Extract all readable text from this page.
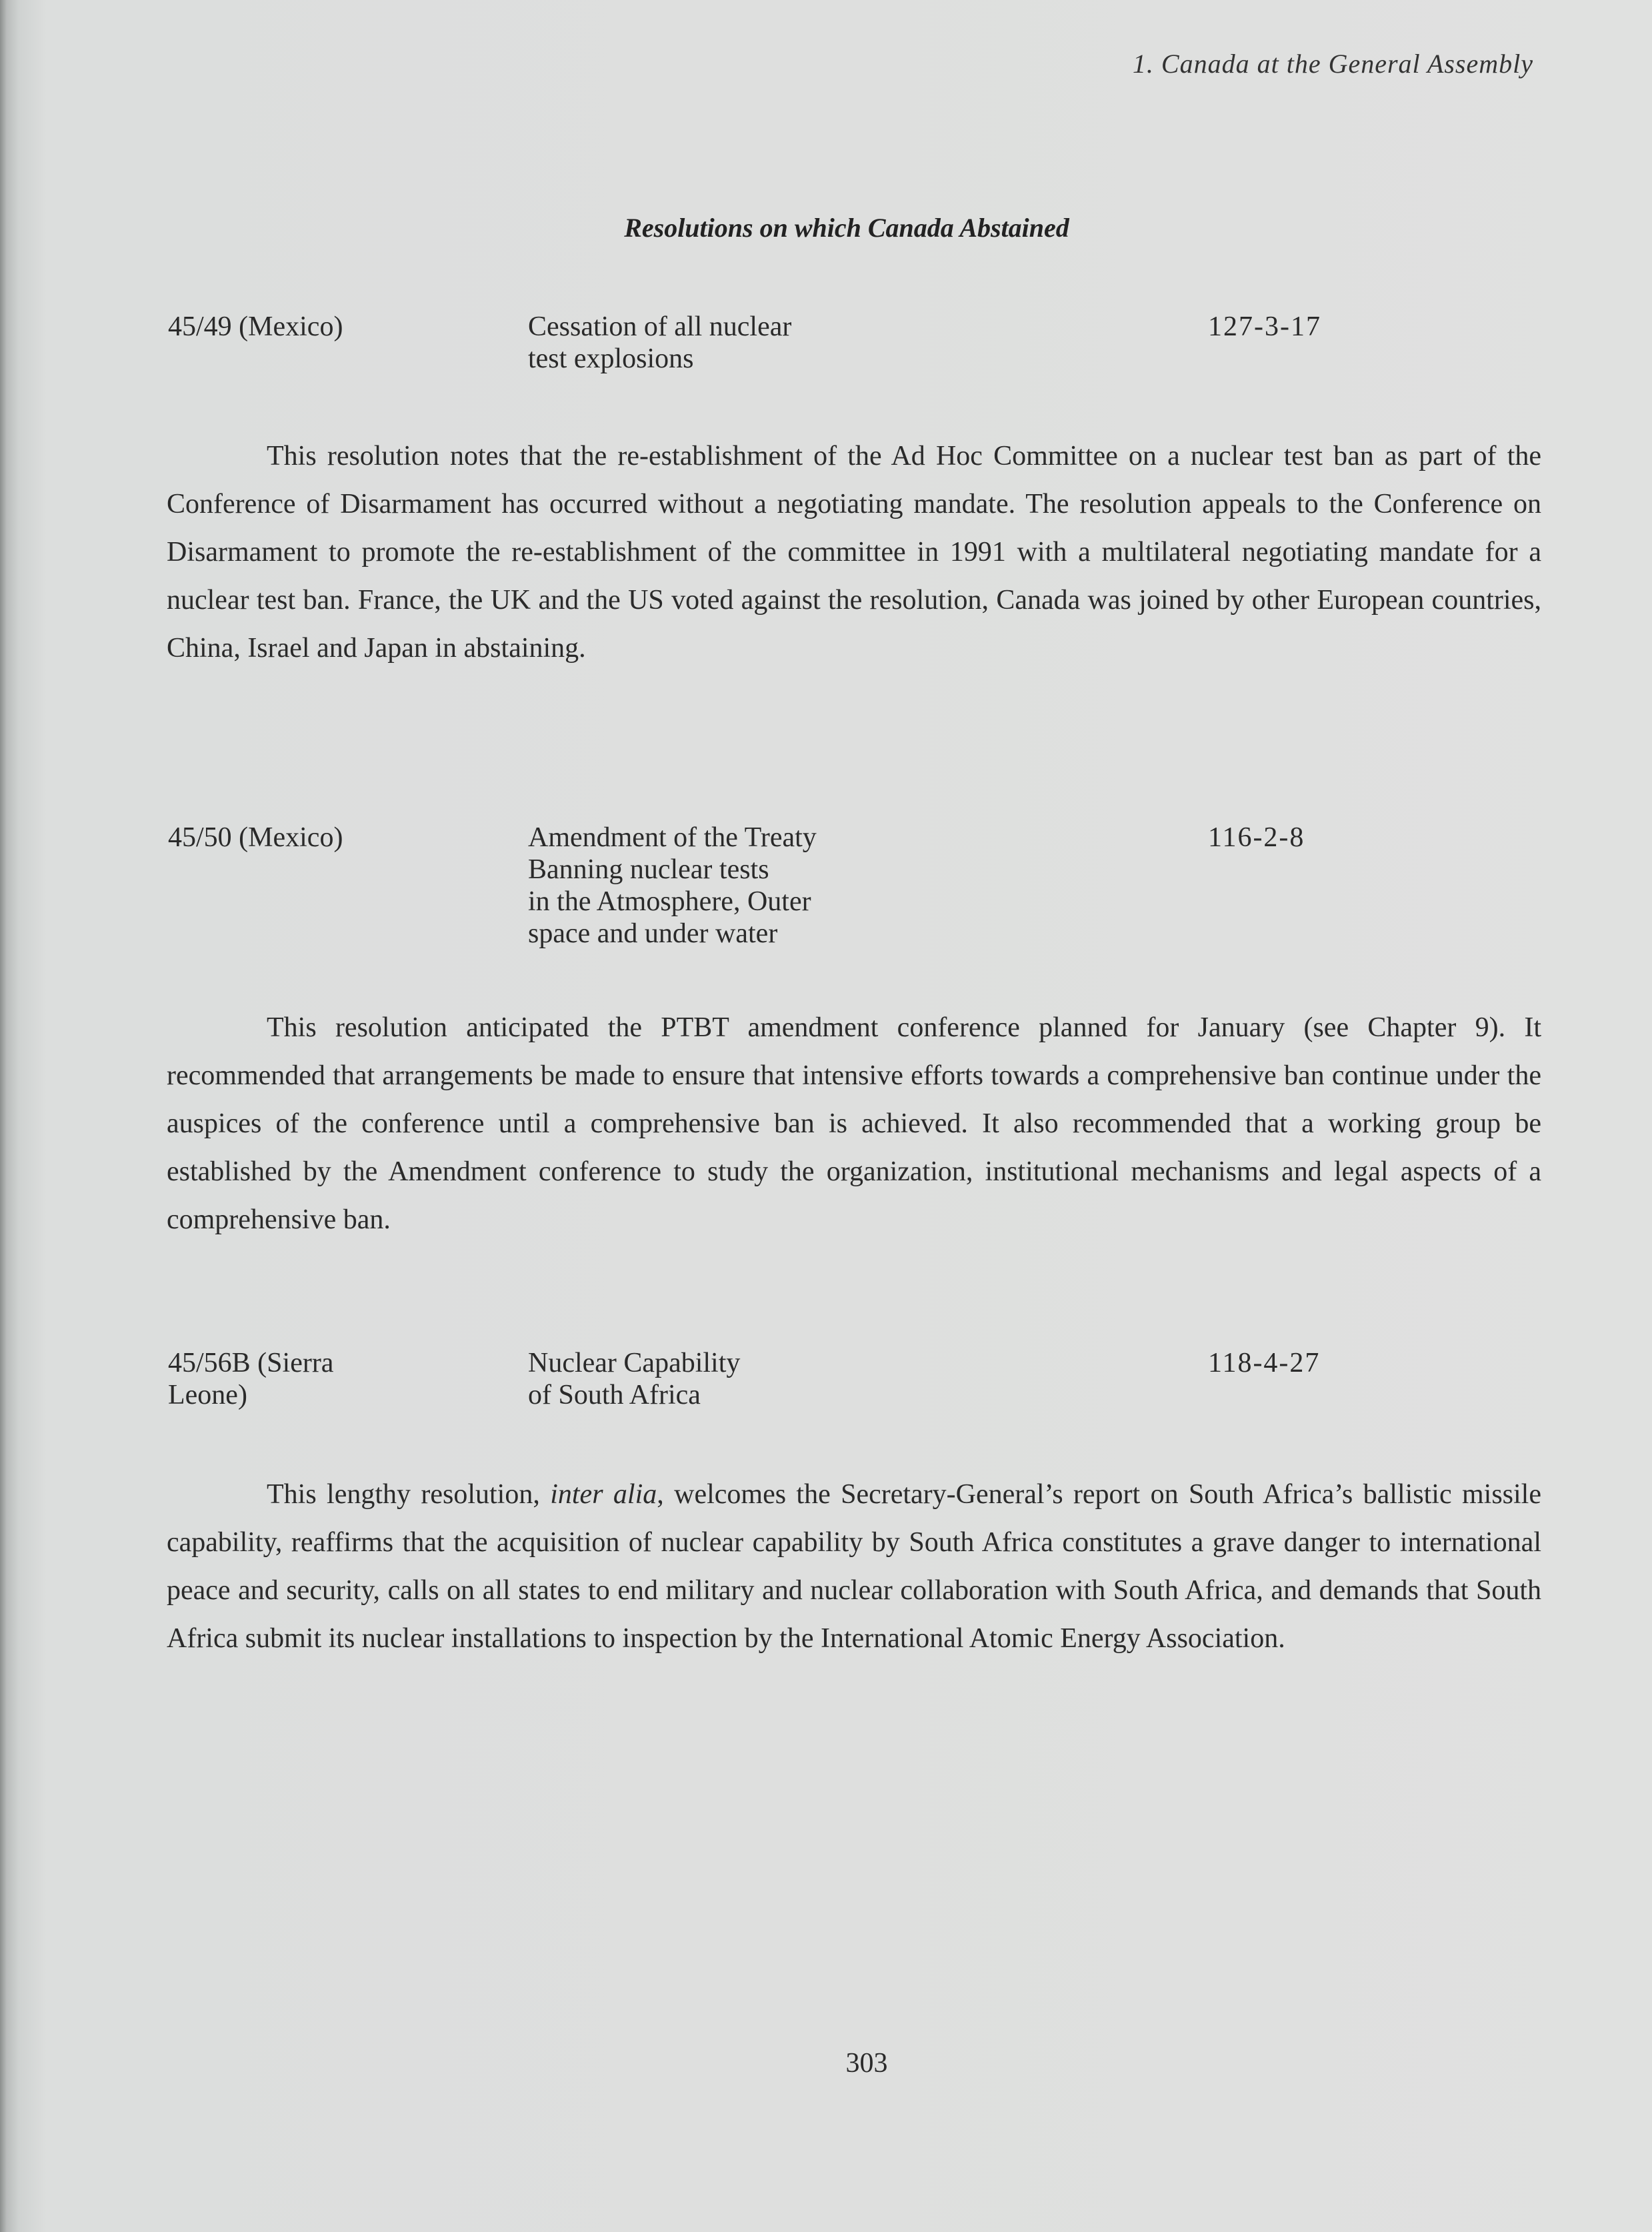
1. Canada at the General Assembly
Resolutions on which Canada Abstained
45/49 (Mexico)	Cessation of all nuclear
test explosions
127-3-17

This resolution notes that the re-establishment of the Ad Hoc Committee on a nuclear test ban as part of the Conference of Disarmament has occurred without a negotiating mandate. The resolution appeals to the Conference on Disarmament to promote the re-establishment of the committee in 1991 with a multilateral negotiating mandate for a nuclear test ban. France, the UK and the US voted against the resolution, Canada was joined by other European countries, China, Israel and Japan in abstaining.

45/50 (Mexico)	Amendment of the Treaty
Banning nuclear tests
in the Atmosphere, Outer
space and under water
116-2-8

This resolution anticipated the PTBT amendment conference planned for January (see Chapter 9). It recommended that arrangements be made to ensure that intensive efforts towards a comprehensive ban continue under the auspices of the conference until a comprehensive ban is achieved. It also recommended that a working group be established by the Amendment conference to study the organization, institutional mechanisms and legal aspects of a comprehensive ban.

45/56B (Sierra
Leone)
Nuclear Capability
of South Africa
118-4-27

This lengthy resolution, inter alia, welcomes the Secretary-General’s report on South Africa’s ballistic missile capability, reaffirms that the acquisition of nuclear capability by South Africa constitutes a grave danger to international peace and security, calls on all states to end military and nuclear collaboration with South Africa, and demands that South Africa submit its nuclear installations to inspection by the International Atomic Energy Association.

303
